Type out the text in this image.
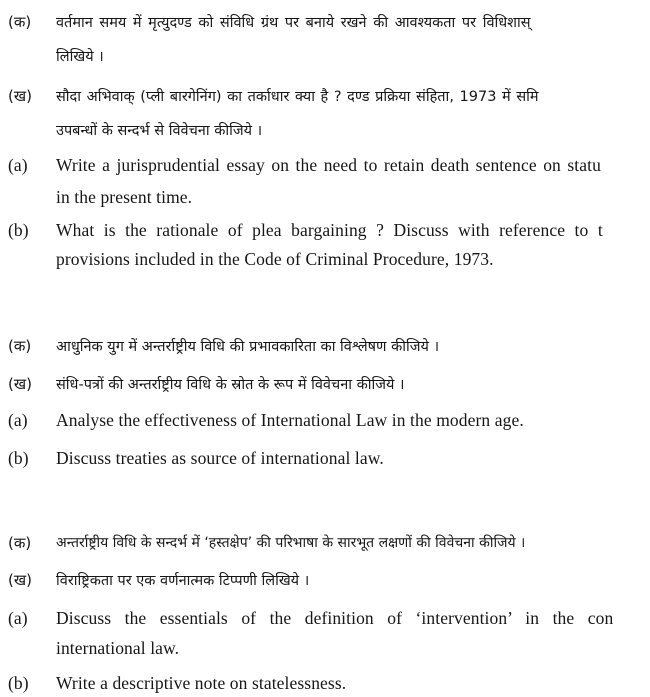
(क) वर्तमान समय में मृत्युदण्ड को संविधि ग्रंथ पर बनाये रखने की आवश्यकता पर विधिशास्
लिखिये ।
(ख) सौदा अभिवाक् (प्ली बारगेनिंग) का तर्काधार क्या है ? दण्ड प्रक्रिया संहिता, 1973 में समि
उपबन्धों के सन्दर्भ से विवेचना कीजिये ।
(a) Write a jurisprudential essay on the need to retain death sentence on statu
in the present time.
(b) What is the rationale of plea bargaining ? Discuss with reference to t
provisions included in the Code of Criminal Procedure, 1973.
(क) आधुनिक युग में अन्तर्राष्ट्रीय विधि की प्रभावकारिता का विश्लेषण कीजिये ।
(ख) संधि-पत्रों की अन्तर्राष्ट्रीय विधि के स्रोत के रूप में विवेचना कीजिये ।
(a) Analyse the effectiveness of International Law in the modern age.
(b) Discuss treaties as source of international law.
(क) अन्तर्राष्ट्रीय विधि के सन्दर्भ में ‘हस्तक्षेप’ की परिभाषा के सारभूत लक्षणों की विवेचना कीजिये ।
(ख) विराष्ट्रिकता पर एक वर्णनात्मक टिप्पणी लिखिये ।
(a) Discuss the essentials of the definition of ‘intervention’ in the con
international law.
(b) Write a descriptive note on statelessness.
